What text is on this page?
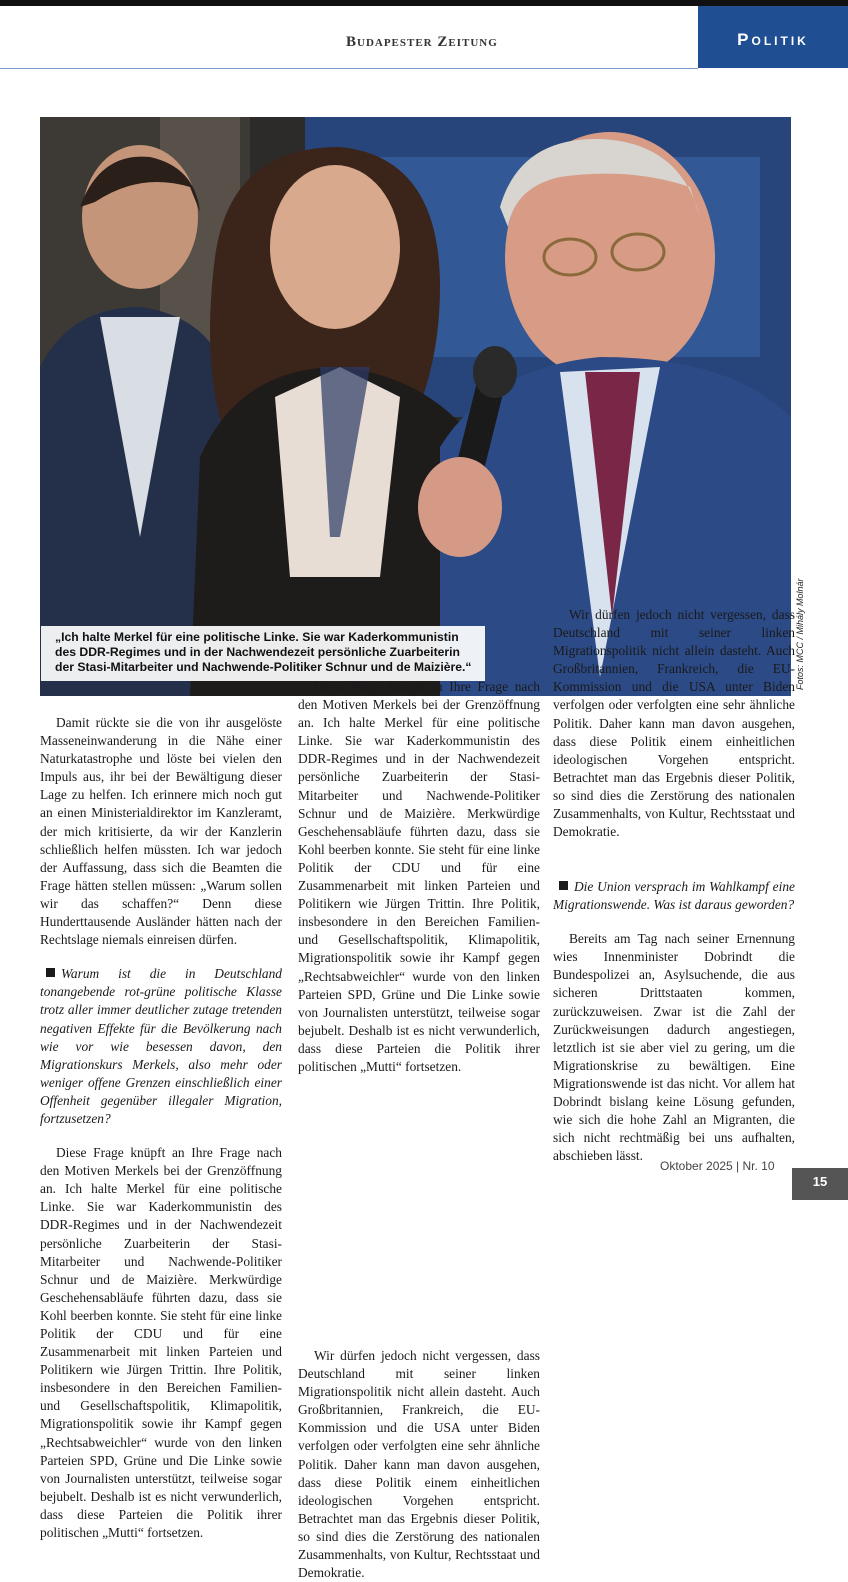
Budapester Zeitung	Politik
Fotos: MCC / Mihály Molnár
„Ich halte Merkel für eine politische Linke. Sie war Kaderkommunistin des DDR-Regimes und in der Nachwendezeit persönliche Zuarbeiterin der Stasi-Mitarbeiter und Nachwende-Politiker Schnur und de Maizière.“

Damit rückte sie die von ihr ausgelöste Masseneinwanderung in die Nähe einer Naturkatastrophe und löste bei vielen den Impuls aus, ihr bei der Bewältigung dieser Lage zu helfen. Ich erinnere mich noch gut an einen Ministerialdirektor im Kanzleramt, der mich kritisierte, da wir der Kanzlerin schließlich helfen müssten. Ich war jedoch der Auffassung, dass sich die Beamten die Frage hätten stellen müssen: „Warum sollen wir das schaffen?“ Denn diese Hunderttausende Ausländer hätten nach der Rechtslage niemals einreisen dürfen.

Warum ist die in Deutschland tonangebende rot-grüne politische Klasse trotz aller immer deutlicher zutage tretenden negativen Effekte für die Bevölkerung nach wie vor wie besessen davon, den Migrationskurs Merkels, also mehr oder weniger offene Grenzen einschließlich einer Offenheit gegenüber illegaler Migration, fortzusetzen?

Diese Frage knüpft an Ihre Frage nach den Motiven Merkels bei der Grenzöffnung an. Ich halte Merkel für eine politische Linke. Sie war Kaderkommunistin des DDR-Regimes und in der Nachwendezeit persönliche Zuarbeiterin der Stasi-Mitarbeiter und Nachwende-Politiker Schnur und de Maizière. Merkwürdige Geschehensabläufe führten dazu, dass sie Kohl beerben konnte. Sie steht für eine linke Politik der CDU und für eine Zusammenarbeit mit linken Parteien und Politikern wie Jürgen Trittin. Ihre Politik, insbesondere in den Bereichen Familien- und Gesellschaftspolitik, Klimapolitik, Migrationspolitik sowie ihr Kampf gegen „Rechtsabweichler“ wurde von den linken Parteien SPD, Grüne und Die Linke sowie von Journalisten unterstützt, teilweise sogar bejubelt. Deshalb ist es nicht verwunderlich, dass diese Parteien die Politik ihrer politischen „Mutti“ fortsetzen.

Diese Frage knüpft an Ihre Frage nach den Motiven Merkels bei der Grenzöffnung an. Ich halte Merkel für eine politische Linke. Sie war Kaderkommunistin des DDR-Regimes und in der Nachwendezeit persönliche Zuarbeiterin der Stasi-Mitarbeiter und Nachwende-Politiker Schnur und de Maizière. Merkwürdige Geschehensabläufe führten dazu, dass sie Kohl beerben konnte. Sie steht für eine linke Politik der CDU und für eine Zusammenarbeit mit linken Parteien und Politikern wie Jürgen Trittin. Ihre Politik, insbesondere in den Bereichen Familien- und Gesellschaftspolitik, Klimapolitik, Migrationspolitik sowie ihr Kampf gegen „Rechtsabweichler“ wurde von den linken Parteien SPD, Grüne und Die Linke sowie von Journalisten unterstützt, teilweise sogar bejubelt. Deshalb ist es nicht verwunderlich, dass diese Parteien die Politik ihrer politischen „Mutti“ fortsetzen.

Wir dürfen jedoch nicht vergessen, dass Deutschland mit seiner linken Migrationspolitik nicht allein dasteht. Auch Großbritannien, Frankreich, die EU-Kommission und die USA unter Biden verfolgen oder verfolgten eine sehr ähnliche Politik. Daher kann man davon ausgehen, dass diese Politik einem einheitlichen ideologischen Vorgehen entspricht. Betrachtet man das Ergebnis dieser Politik, so sind dies die Zerstörung des nationalen Zusammenhalts, von Kultur, Rechtsstaat und Demokratie.

Wir dürfen jedoch nicht vergessen, dass Deutschland mit seiner linken Migrationspolitik nicht allein dasteht. Auch Großbritannien, Frankreich, die EU-Kommission und die USA unter Biden verfolgen oder verfolgten eine sehr ähnliche Politik. Daher kann man davon ausgehen, dass diese Politik einem einheitlichen ideologischen Vorgehen entspricht. Betrachtet man das Ergebnis dieser Politik, so sind dies die Zerstörung des nationalen Zusammenhalts, von Kultur, Rechtsstaat und Demokratie.

Die Union versprach im Wahlkampf eine Migrationswende. Was ist daraus geworden?

Bereits am Tag nach seiner Ernennung wies Innenminister Dobrindt die Bundespolizei an, Asylsuchende, die aus sicheren Drittstaaten kommen, zurückzuweisen. Zwar ist die Zahl der Zurückweisungen dadurch angestiegen, letztlich ist sie aber viel zu gering, um die Migrationskrise zu bewältigen. Eine Migrationswende ist das nicht. Vor allem hat Dobrindt bislang keine Lösung gefunden, wie sich die hohe Zahl an Migranten, die sich nicht rechtmäßig bei uns aufhalten, abschieben lässt.

Oktober 2025 | Nr. 10
15
